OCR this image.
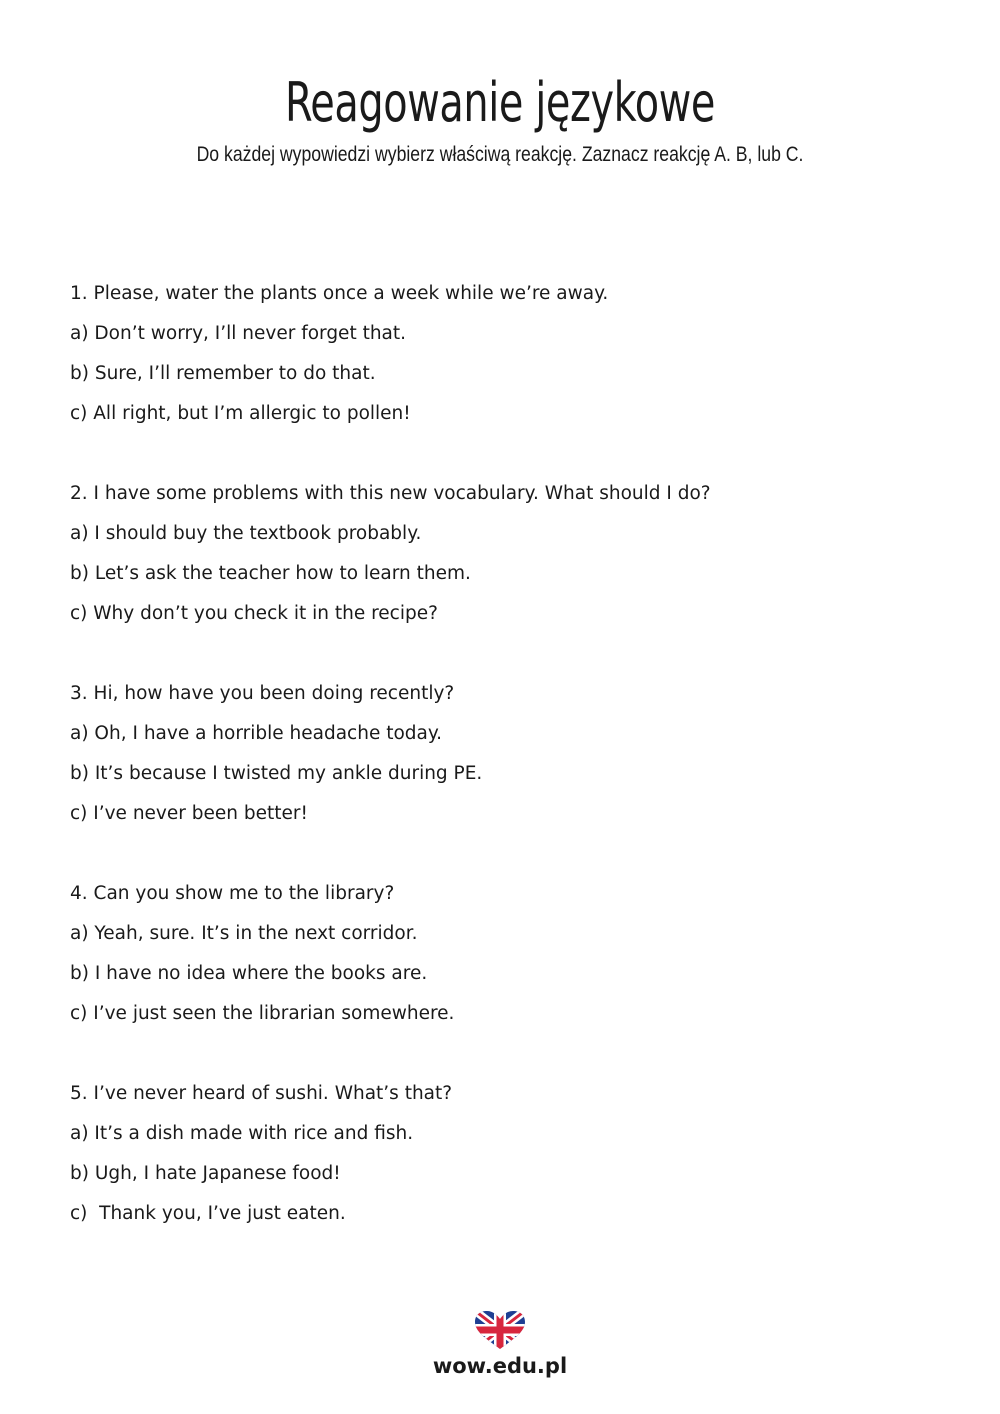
Reagowanie językowe

Do każdej wypowiedzi wybierz właściwą reakcję. Zaznacz reakcję A. B, lub C.

1. Please, water the plants once a week while we’re away.
a) Don’t worry, I’ll never forget that.
b) Sure, I’ll remember to do that.
c) All right, but I’m allergic to pollen!
2. I have some problems with this new vocabulary. What should I do?
a) I should buy the textbook probably.
b) Let’s ask the teacher how to learn them.
c) Why don’t you check it in the recipe?
3. Hi, how have you been doing recently?
a) Oh, I have a horrible headache today.
b) It’s because I twisted my ankle during PE.
c) I’ve never been better!
4. Can you show me to the library?
a) Yeah, sure. It’s in the next corridor.
b) I have no idea where the books are.
c) I’ve just seen the librarian somewhere.
5. I’ve never heard of sushi. What’s that?
a) It’s a dish made with rice and fish.
b) Ugh, I hate Japanese food!
c)  Thank you, I’ve just eaten.
wow.edu.pl
